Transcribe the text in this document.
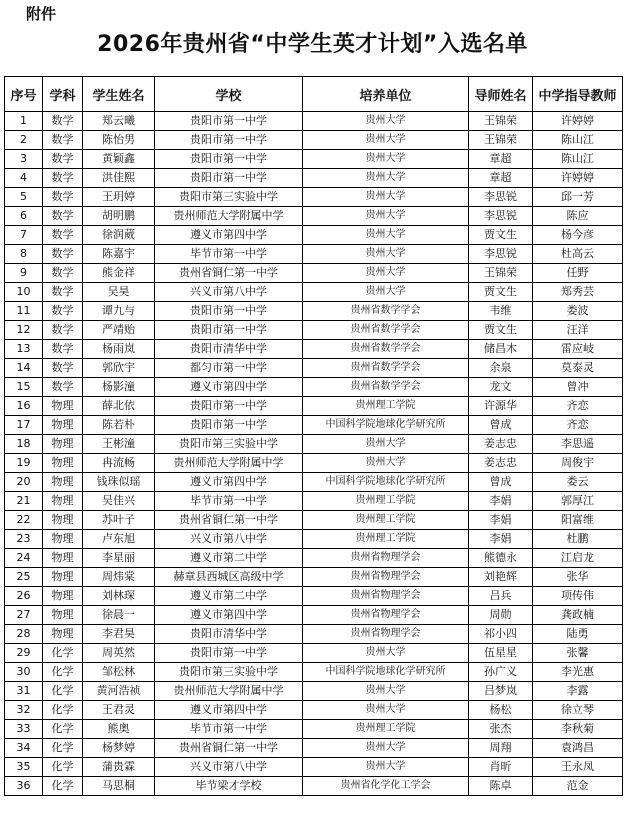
附件
2026年贵州省“中学生英才计划”入选名单
序号	学科	学生姓名	学校	培养单位	导师姓名	中学指导教师
1	数学	郑云曦	贵阳市第一中学	贵州大学	王锦荣	许婷婷
2	数学	陈怡男	贵阳市第一中学	贵州大学	王锦荣	陈山江
3	数学	黄颖鑫	贵阳市第一中学	贵州大学	章超	陈山江
4	数学	洪佳熙	贵阳市第一中学	贵州大学	章超	许婷婷
5	数学	王玥婷	贵阳市第三实验中学	贵州大学	李思锐	邱一芳
6	数学	胡明鹏	贵州师范大学附属中学	贵州大学	李思锐	陈应
7	数学	徐润葳	遵义市第四中学	贵州大学	贾文生	杨今彦
8	数学	陈嘉宇	毕节市第一中学	贵州大学	李思锐	杜高云
9	数学	熊金祥	贵州省铜仁第一中学	贵州大学	王锦荣	任野
10	数学	吴昊	兴义市第八中学	贵州大学	贾文生	郑秀芸
11	数学	谭九与	贵阳市第一中学	贵州省数学学会	韦维	娄波
12	数学	严靖贻	贵阳市第一中学	贵州省数学学会	贾文生	汪洋
13	数学	杨雨岚	贵阳市清华中学	贵州省数学学会	储昌木	雷应岐
14	数学	郭欣宇	都匀市第一中学	贵州省数学学会	余泉	莫泰灵
15	数学	杨影潼	遵义市第四中学	贵州省数学学会	龙文	曾冲
16	物理	薛北依	贵阳市第一中学	贵州理工学院	许源华	齐恋
17	物理	陈若朴	贵阳市第一中学	中国科学院地球化学研究所	曾成	齐恋
18	物理	王彬潼	贵阳市第三实验中学	贵州大学	姜志忠	李思遥
19	物理	冉流畅	贵州师范大学附属中学	贵州大学	姜志忠	周俊宇
20	物理	钱珠似瑶	遵义市第四中学	中国科学院地球化学研究所	曾成	娄云
21	物理	吴佳兴	毕节市第一中学	贵州理工学院	李娟	郭厚江
22	物理	苏叶子	贵州省铜仁第一中学	贵州理工学院	李娟	阳富维
23	物理	卢东旭	兴义市第八中学	贵州理工学院	李娟	杜鹏
24	物理	李星丽	遵义市第二中学	贵州省物理学会	熊德永	江启龙
25	物理	周炜棠	赫章县西城区高级中学	贵州省物理学会	刘艳辉	张华
26	物理	刘林琛	遵义市第二中学	贵州省物理学会	吕兵	项传伟
27	物理	徐晨一	遵义市第四中学	贵州省物理学会	周勋	龚政楠
28	物理	李君昊	贵阳市清华中学	贵州省物理学会	祁小四	陆勇
29	化学	周英然	贵阳市第一中学	贵州大学	伍星星	张馨
30	化学	邹松林	贵阳市第三实验中学	中国科学院地球化学研究所	孙广义	李光惠
31	化学	黄河浩祯	贵州师范大学附属中学	贵州大学	吕梦岚	李露
32	化学	王君灵	遵义市第四中学	贵州大学	杨松	徐立琴
33	化学	熊奥	毕节市第一中学	贵州理工学院	张杰	李秋菊
34	化学	杨梦婷	贵州省铜仁第一中学	贵州大学	周翔	袁鸿昌
35	化学	蒲贵霖	兴义市第八中学	贵州大学	肖昕	王永凤
36	化学	马思桐	毕节梁才学校	贵州省化学化工学会	陈卓	范金
